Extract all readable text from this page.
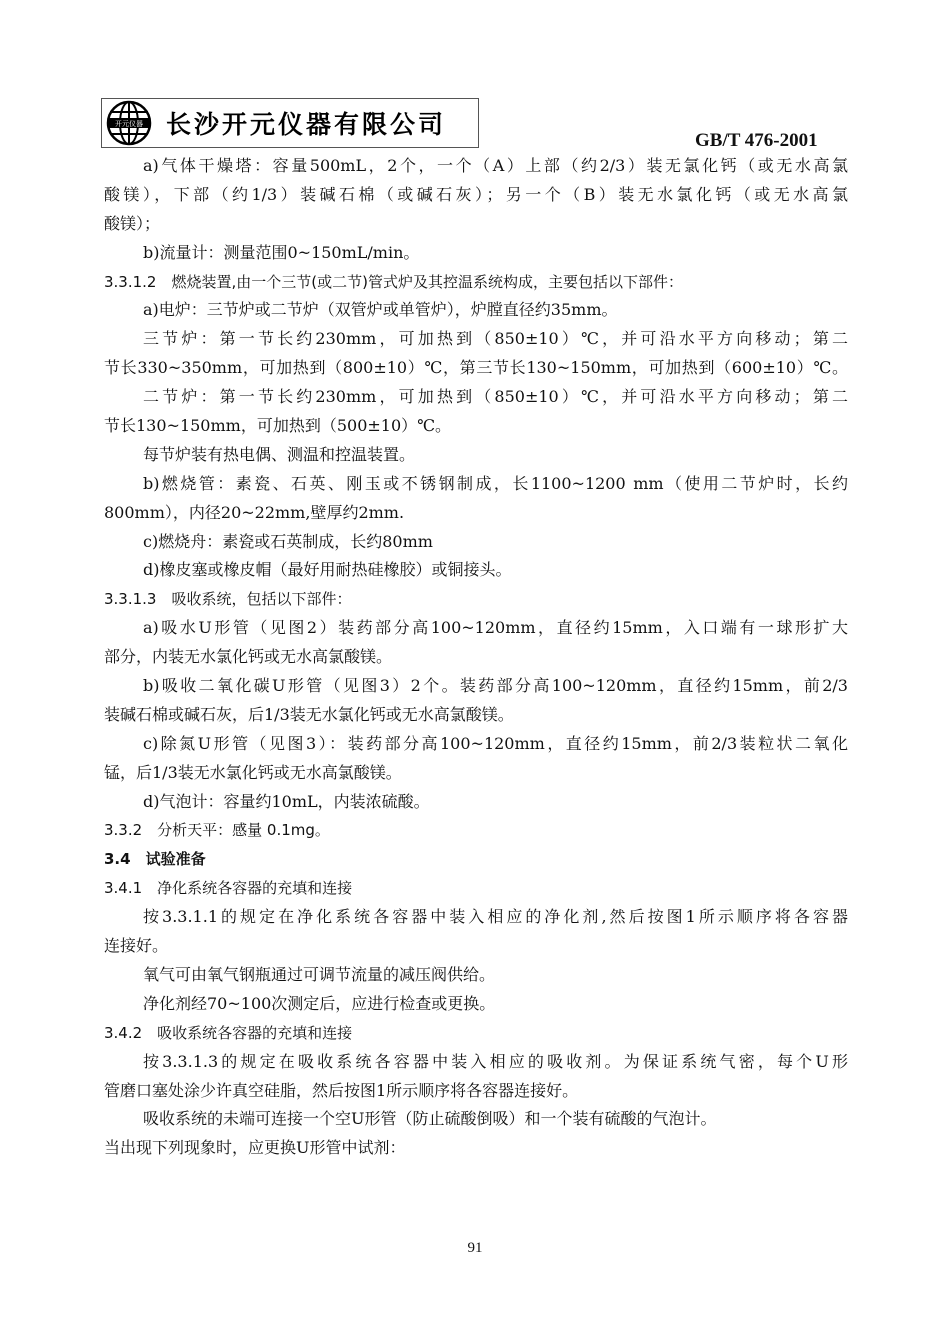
开元仪器 长沙开元仪器有限公司
GB/T 476-2001
a)气体干燥塔：容量500mL，2个，一个（A）上部（约2/3）装无氯化钙（或无水高氯
酸镁），下部（约1/3）装碱石棉（或碱石灰）；另一个（B）装无水氯化钙（或无水高氯
酸镁）；
b)流量计：测量范围0~150mL/min。
3.3.1.2　燃烧装置,由一个三节(或二节)管式炉及其控温系统构成，主要包括以下部件：
a)电炉：三节炉或二节炉（双管炉或单管炉），炉膛直径约35mm。
三节炉：第一节长约230mm，可加热到（850±10）℃，并可沿水平方向移动；第二
节长330~350mm，可加热到（800±10）℃，第三节长130~150mm，可加热到（600±10）℃。
二节炉：第一节长约230mm，可加热到（850±10）℃，并可沿水平方向移动；第二
节长130~150mm，可加热到（500±10）℃。
每节炉装有热电偶、测温和控温装置。
b)燃烧管：素瓷、石英、刚玉或不锈钢制成，长1100~1200 mm（使用二节炉时，长约
800mm），内径20~22mm,壁厚约2mm.
c)燃烧舟：素瓷或石英制成，长约80mm
d)橡皮塞或橡皮帽（最好用耐热硅橡胶）或铜接头。
3.3.1.3　吸收系统，包括以下部件：
a)吸水U形管（见图2）装药部分高100~120mm，直径约15mm，入口端有一球形扩大
部分，内装无水氯化钙或无水高氯酸镁。
b)吸收二氧化碳U形管（见图3）2个。装药部分高100~120mm，直径约15mm，前2/3
装碱石棉或碱石灰，后1/3装无水氯化钙或无水高氯酸镁。
c)除氮U形管（见图3）：装药部分高100~120mm，直径约15mm，前2/3装粒状二氧化
锰，后1/3装无水氯化钙或无水高氯酸镁。
d)气泡计：容量约10mL，内装浓硫酸。
3.3.2　分析天平：感量 0.1mg。
3.4　试验准备
3.4.1　净化系统各容器的充填和连接
按3.3.1.1的规定在净化系统各容器中装入相应的净化剂,然后按图1所示顺序将各容器
连接好。
氧气可由氧气钢瓶通过可调节流量的减压阀供给。
净化剂经70~100次测定后，应进行检查或更换。
3.4.2　吸收系统各容器的充填和连接
按3.3.1.3的规定在吸收系统各容器中装入相应的吸收剂。为保证系统气密，每个U形
管磨口塞处涂少许真空硅脂，然后按图1所示顺序将各容器连接好。
吸收系统的未端可连接一个空U形管（防止硫酸倒吸）和一个装有硫酸的气泡计。
当出现下列现象时，应更换U形管中试剂：
91
